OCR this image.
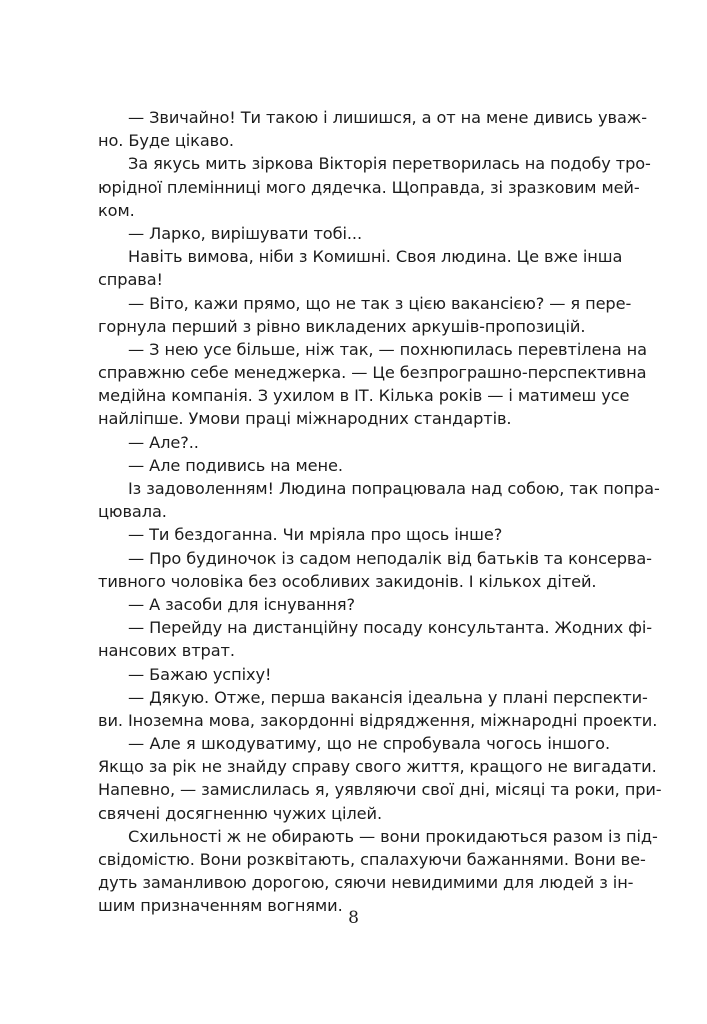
— Звичайно! Ти такою і лишишся, а от на мене дивись уваж-
но. Буде цікаво.
За якусь мить зіркова Вікторія перетворилась на подобу тро-
юрідної племінниці мого дядечка. Щоправда, зі зразковим мей-
ком.
— Ларко, вирішувати тобі...
Навіть вимова, ніби з Комишні. Своя людина. Це вже інша
справа!
— Віто, кажи прямо, що не так з цією вакансією? — я пере-
горнула перший з рівно викладених аркушів-пропозицій.
— З нею усе більше, ніж так, — похнюпилась перевтілена на
справжню себе менеджерка. — Це безпрограшно-перспективна
медійна компанія. З ухилом в ІТ. Кілька років — і матимеш усе
найліпше. Умови праці міжнародних стандартів.
— Але?..
— Але подивись на мене.
Із задоволенням! Людина попрацювала над собою, так попра-
цювала.
— Ти бездоганна. Чи мріяла про щось інше?
— Про будиночок із садом неподалік від батьків та консерва-
тивного чоловіка без особливих закидонів. І кількох дітей.
— А засоби для існування?
— Перейду на дистанційну посаду консультанта. Жодних фі-
нансових втрат.
— Бажаю успіху!
— Дякую. Отже, перша вакансія ідеальна у плані перспекти-
ви. Іноземна мова, закордонні відрядження, міжнародні проекти.
— Але я шкодуватиму, що не спробувала чогось іншого.
Якщо за рік не знайду справу свого життя, кращого не вигадати.
Напевно, — замислилась я, уявляючи свої дні, місяці та роки, при-
свячені досягненню чужих цілей.
Схильності ж не обирають — вони прокидаються разом із під-
свідомістю. Вони розквітають, спалахуючи бажаннями. Вони ве-
дуть заманливою дорогою, сяючи невидимими для людей з ін-
шим призначенням вогнями.
8
